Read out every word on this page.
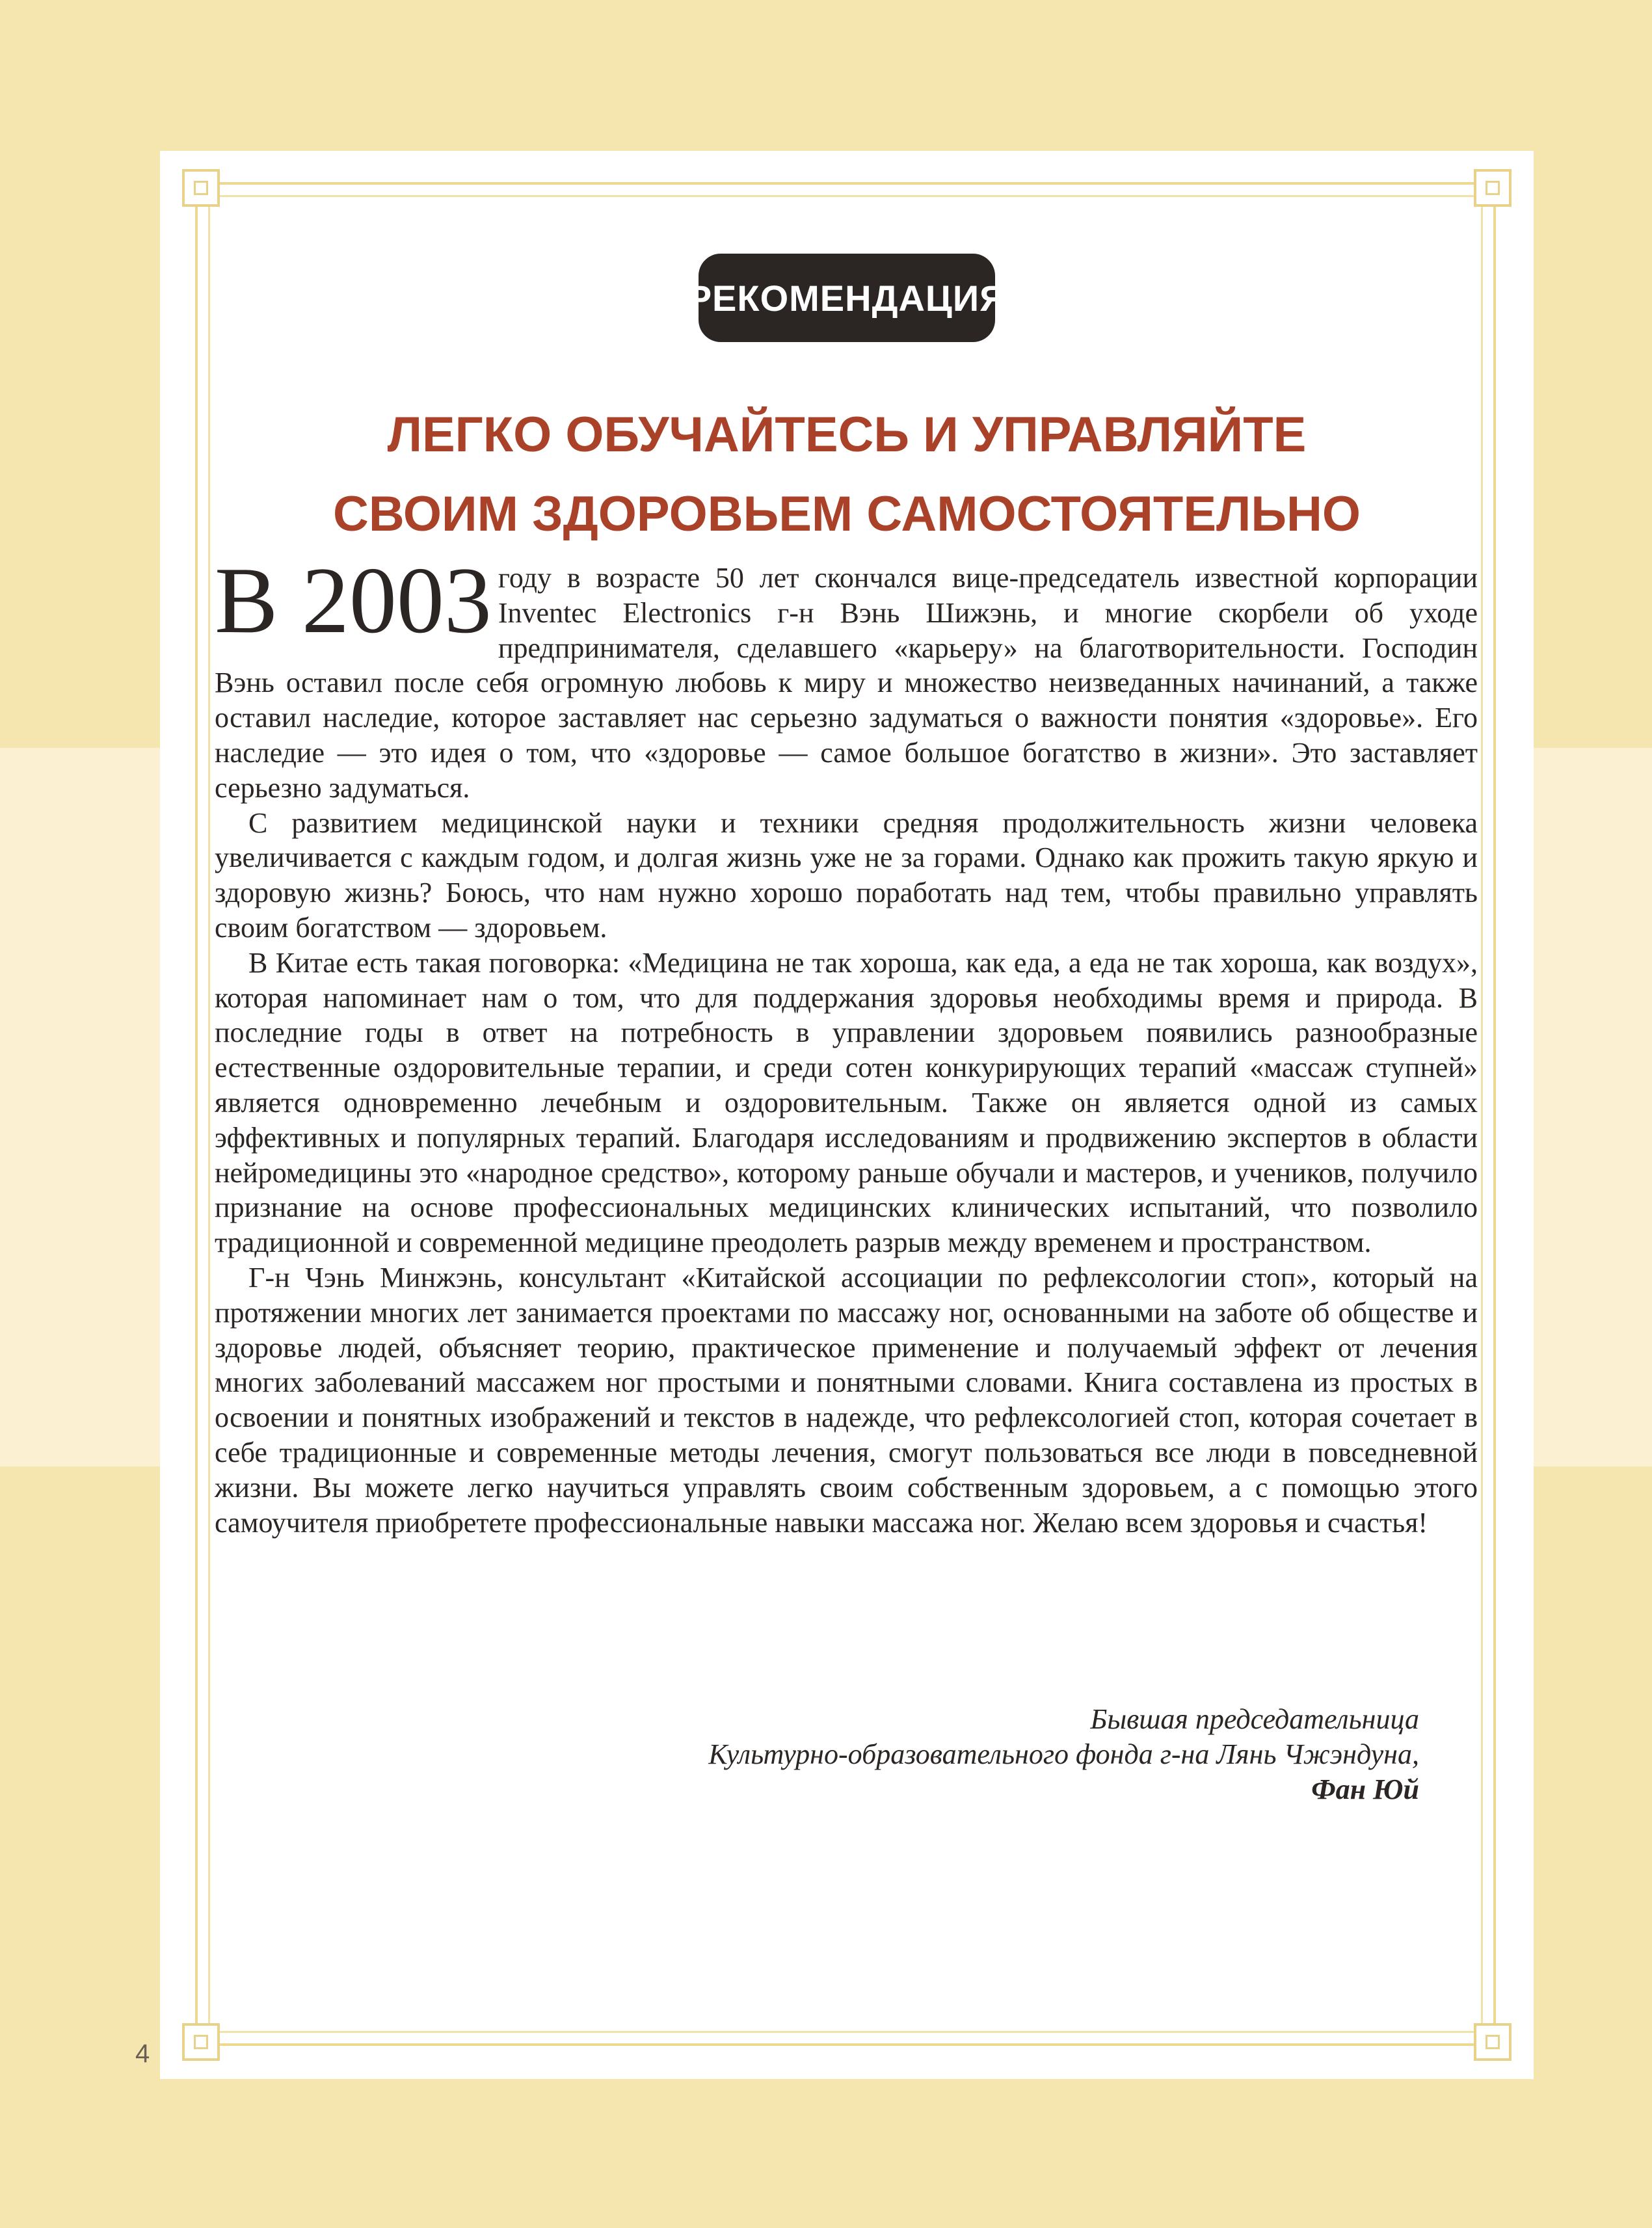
РЕКОМЕНДАЦИЯ
ЛЕГКО ОБУЧАЙТЕСЬ И УПРАВЛЯЙТЕ
СВОИМ ЗДОРОВЬЕМ САМОСТОЯТЕЛЬНО

В 2003 году в возрасте 50 лет скончался вице-председатель известной корпорации Inventec Electronics г-н Вэнь Шижэнь, и многие скорбели об уходе предпринимателя, сделавшего «карьеру» на благотворительности. Господин Вэнь оставил после себя огромную любовь к миру и множество неизведанных начинаний, а также оставил наследие, которое заставляет нас серьезно задуматься о важности понятия «здоровье». Его наследие — это идея о том, что «здоровье — самое большое богатство в жизни». Это заставляет серьезно задуматься.

С развитием медицинской науки и техники средняя продолжительность жизни человека увеличивается с каждым годом, и долгая жизнь уже не за горами. Однако как прожить такую яркую и здоровую жизнь? Боюсь, что нам нужно хорошо поработать над тем, чтобы правильно управлять своим богатством — здоровьем.

В Китае есть такая поговорка: «Медицина не так хороша, как еда, а еда не так хороша, как воздух», которая напоминает нам о том, что для поддержания здоровья необходимы время и природа. В последние годы в ответ на потребность в управлении здоровьем появились разнообразные естественные оздоровительные терапии, и среди сотен конкурирующих терапий «массаж ступней» является одновременно лечебным и оздоровительным. Также он является одной из самых эффективных и популярных терапий. Благодаря исследованиям и продвижению экспертов в области нейромедицины это «народное средство», которому раньше обучали и мастеров, и учеников, получило признание на основе профессиональных медицинских клинических испытаний, что позволило традиционной и современной медицине преодолеть разрыв между временем и пространством.

Г-н Чэнь Минжэнь, консультант «Китайской ассоциации по рефлексологии стоп», который на протяжении многих лет занимается проектами по массажу ног, основанными на заботе об обществе и здоровье людей, объясняет теорию, практическое применение и получаемый эффект от лечения многих заболеваний массажем ног простыми и понятными словами. Книга составлена из простых в освоении и понятных изображений и текстов в надежде, что рефлексологией стоп, которая сочетает в себе традиционные и современные методы лечения, смогут пользоваться все люди в повседневной жизни. Вы можете легко научиться управлять своим собственным здоровьем, а с помощью этого самоучителя приобретете профессиональные навыки массажа ног. Желаю всем здоровья и счастья!

Бывшая председательница
Культурно-образовательного фонда г-на Лянь Чжэндуна,
Фан Юй
4
